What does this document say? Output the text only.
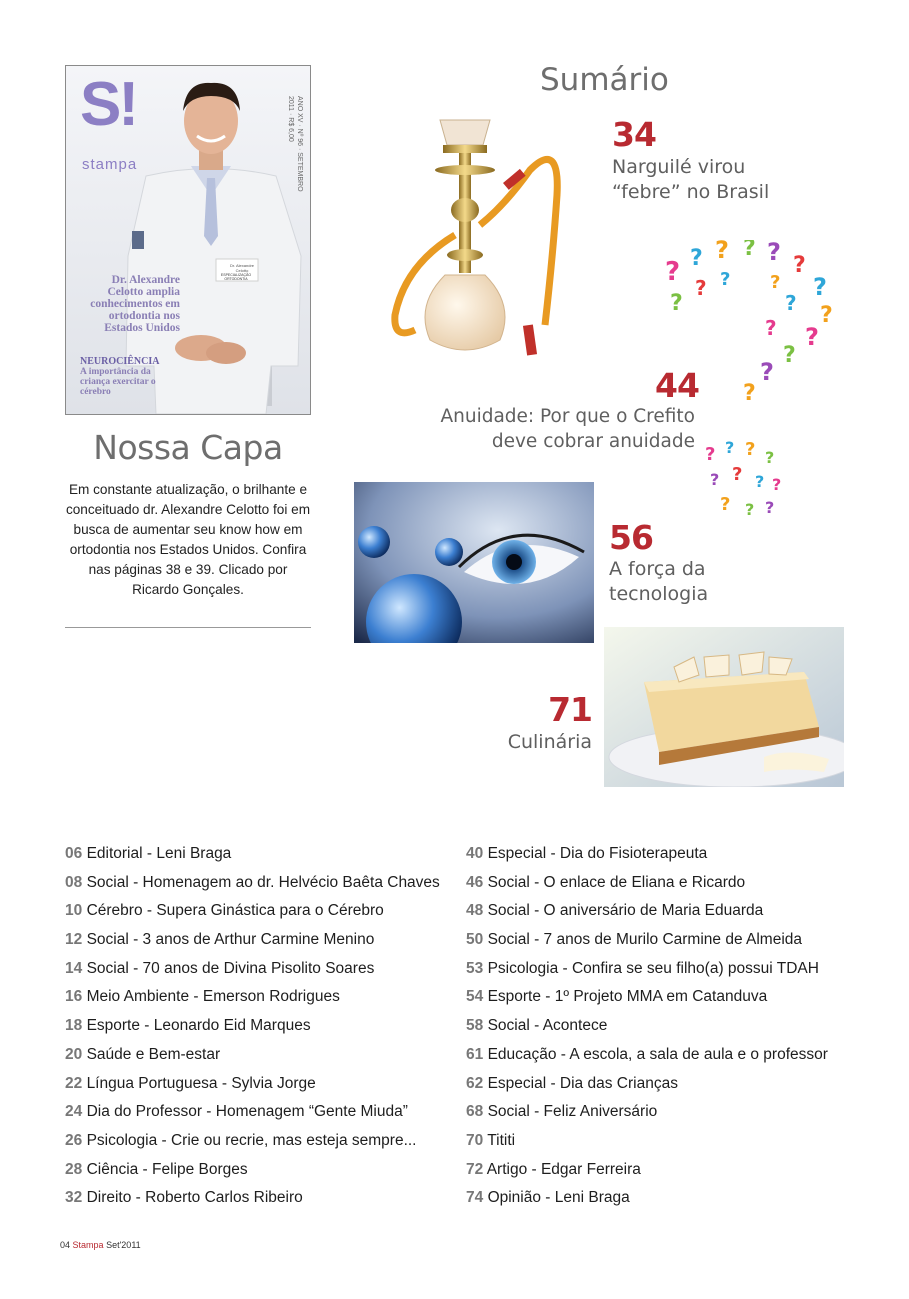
S!
stampa	ANO XV · Nº 96 · SETEMBRO 2011 · R$ 6,00
Dr. Alexandre Celotto
ESPECIALIZAÇÃO ORTODONTIA
Dr. Alexandre Celotto amplia conhecimentos em ortodontia nos Estados Unidos
NEUROCIÊNCIA
A importância da criança exercitar o cérebro
Nossa Capa
Em constante atualização, o brilhante e conceituado dr. Alexandre Celotto foi em busca de aumentar seu know how em ortodontia nos Estados Unidos. Confira nas páginas 38 e 39. Clicado por Ricardo Gonçales.
Sumário
34
Narguilé virou
“febre” no Brasil
? ? ? ? ? ?
?
?
?
?
?
?
?
?
?
?
? ?
? ? ? ?
? ? ? ?
? ? ?
44
Anuidade: Por que o Crefito
deve cobrar anuidade
56
A força da
tecnologia
71
Culinária
06 Editorial - Leni Braga
08 Social - Homenagem ao dr. Helvécio Baêta Chaves
10 Cérebro - Supera Ginástica para o Cérebro
12 Social - 3 anos de Arthur Carmine Menino
14 Social - 70 anos de Divina Pisolito Soares
16 Meio Ambiente - Emerson Rodrigues
18 Esporte - Leonardo Eid Marques
20 Saúde e Bem-estar
22 Língua Portuguesa - Sylvia Jorge
24 Dia do Professor - Homenagem “Gente Miuda”
26 Psicologia - Crie ou recrie, mas esteja sempre...
28 Ciência - Felipe Borges
32 Direito - Roberto Carlos Ribeiro
40 Especial - Dia do Fisioterapeuta
46 Social - O enlace de Eliana e Ricardo
48 Social - O aniversário de Maria Eduarda
50 Social - 7 anos de Murilo Carmine de Almeida
53 Psicologia - Confira se seu filho(a) possui TDAH
54 Esporte - 1º Projeto MMA em Catanduva
58 Social - Acontece
61 Educação - A escola, a sala de aula e o professor
62 Especial - Dia das Crianças
68 Social - Feliz Aniversário
70 Tititi
72 Artigo - Edgar Ferreira
74 Opinião - Leni Braga
04 Stampa Set'2011
